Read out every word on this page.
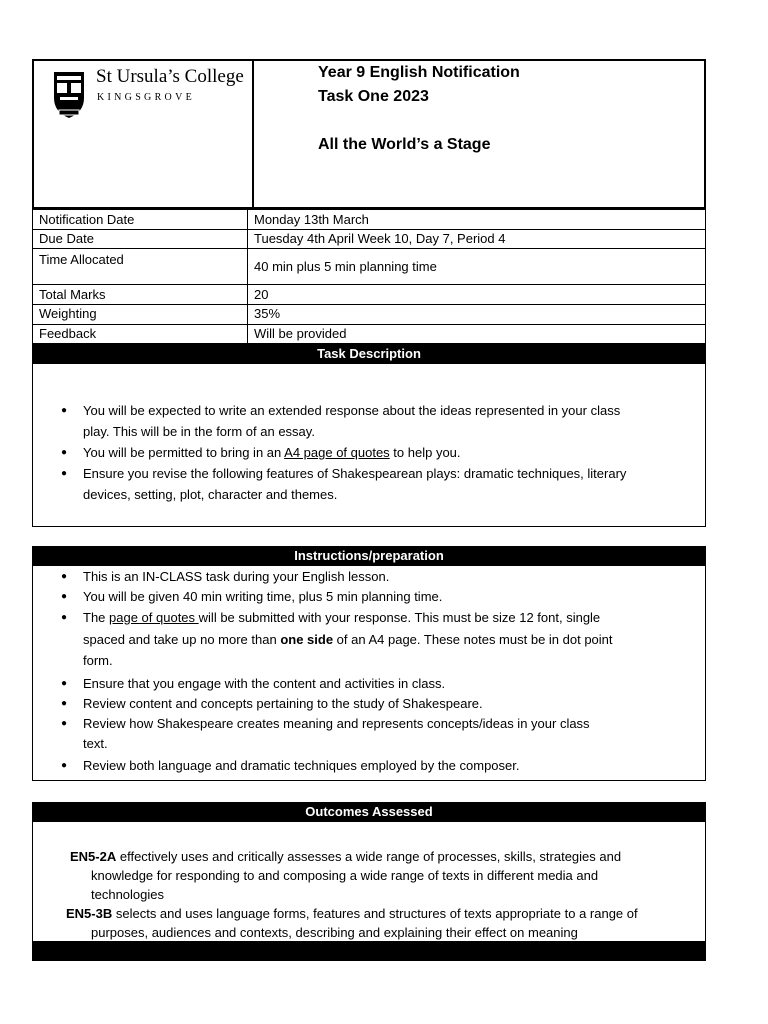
St Ursula’s College
KINGSGROVE
Year 9 English Notification
Task One 2023
All the World’s a Stage
Notification Date	Monday 13th March
Due Date	Tuesday 4th April Week 10, Day 7, Period 4
Time Allocated	40 min plus 5 min planning time
Total Marks	20
Weighting	35%
Feedback	Will be provided
Task Description
● You will be expected to write an extended response about the ideas represented in your class
play. This will be in the form of an essay.
● You will be permitted to bring in an A4 page of quotes to help you.
● Ensure you revise the following features of Shakespearean plays: dramatic techniques, literary
devices, setting, plot, character and themes.
Instructions/preparation
● This is an IN-CLASS task during your English lesson.
● You will be given 40 min writing time, plus 5 min planning time.
● The page of quotes will be submitted with your response. This must be size 12 font, single
spaced and take up no more than one side of an A4 page. These notes must be in dot point
form.
● Ensure that you engage with the content and activities in class.
● Review content and concepts pertaining to the study of Shakespeare.
● Review how Shakespeare creates meaning and represents concepts/ideas in your class
text.
● Review both language and dramatic techniques employed by the composer.
Outcomes Assessed
EN5-2A effectively uses and critically assesses a wide range of processes, skills, strategies and
knowledge for responding to and composing a wide range of texts in different media and
technologies
EN5-3B selects and uses language forms, features and structures of texts appropriate to a range of
purposes, audiences and contexts, describing and explaining their effect on meaning
